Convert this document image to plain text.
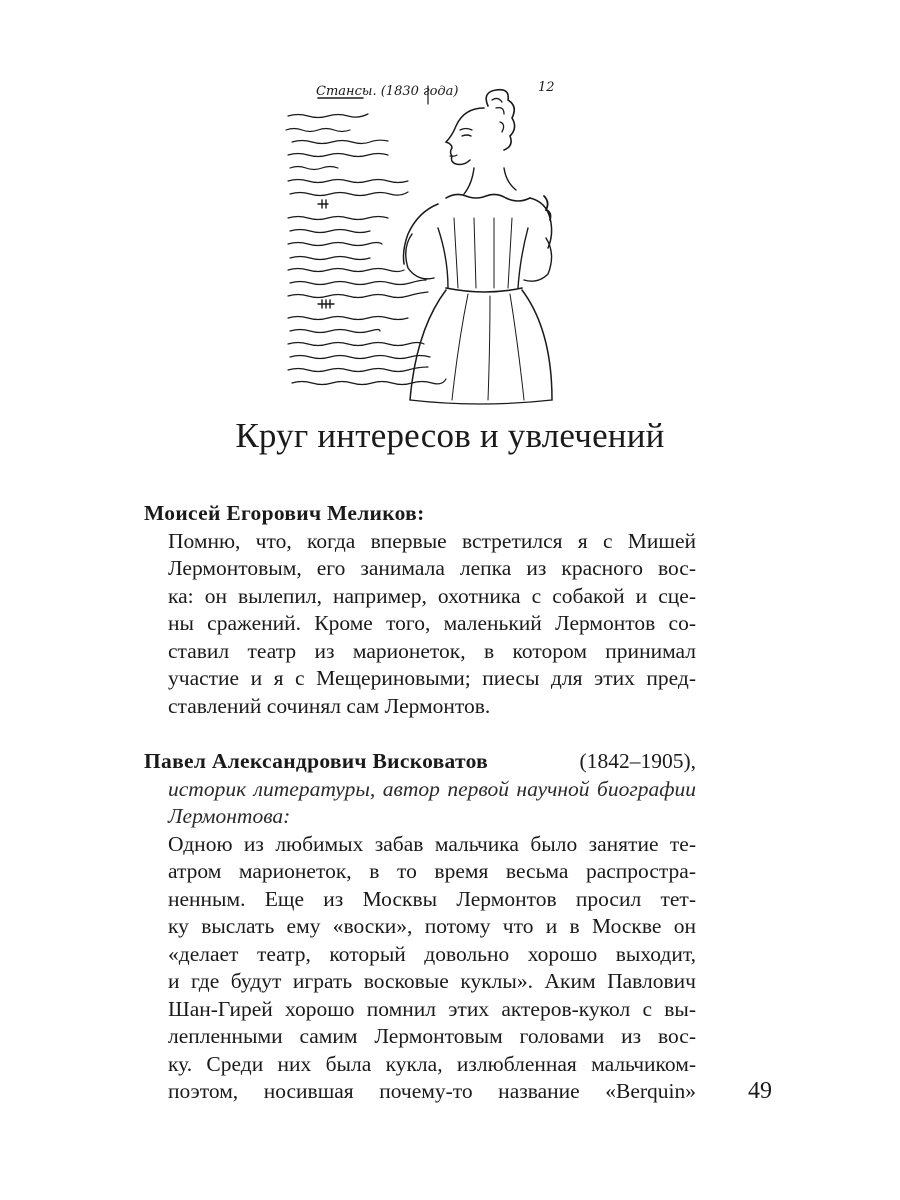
Стансы. (1830 года)	12
Круг интересов и увлечений

Моисей Егорович Меликов:

Помню, что, когда впервые встретился я с Мишей
Лермонтовым, его занимала лепка из красного вос-
ка: он вылепил, например, охотника с собакой и сце-
ны сражений. Кроме того, маленький Лермонтов со-
ставил театр из марионеток, в котором принимал
участие и я с Мещериновыми; пиесы для этих пред-
ставлений сочинял сам Лермонтов.

Павел Александрович Висковатов	(1842–1905),

историк литературы, автор первой научной биографии
Лермонтова:
Одною из любимых забав мальчика было занятие те-
атром марионеток, в то время весьма распростра-
ненным. Еще из Москвы Лермонтов просил тет-
ку выслать ему «воски», потому что и в Москве он
«делает театр, который довольно хорошо выходит,
и где будут играть восковые куклы». Аким Павлович
Шан-Гирей хорошо помнил этих актеров-кукол с вы-
лепленными самим Лермонтовым головами из вос-
ку. Среди них была кукла, излюбленная мальчиком-
поэтом, носившая почему-то название «Berquin» 49
